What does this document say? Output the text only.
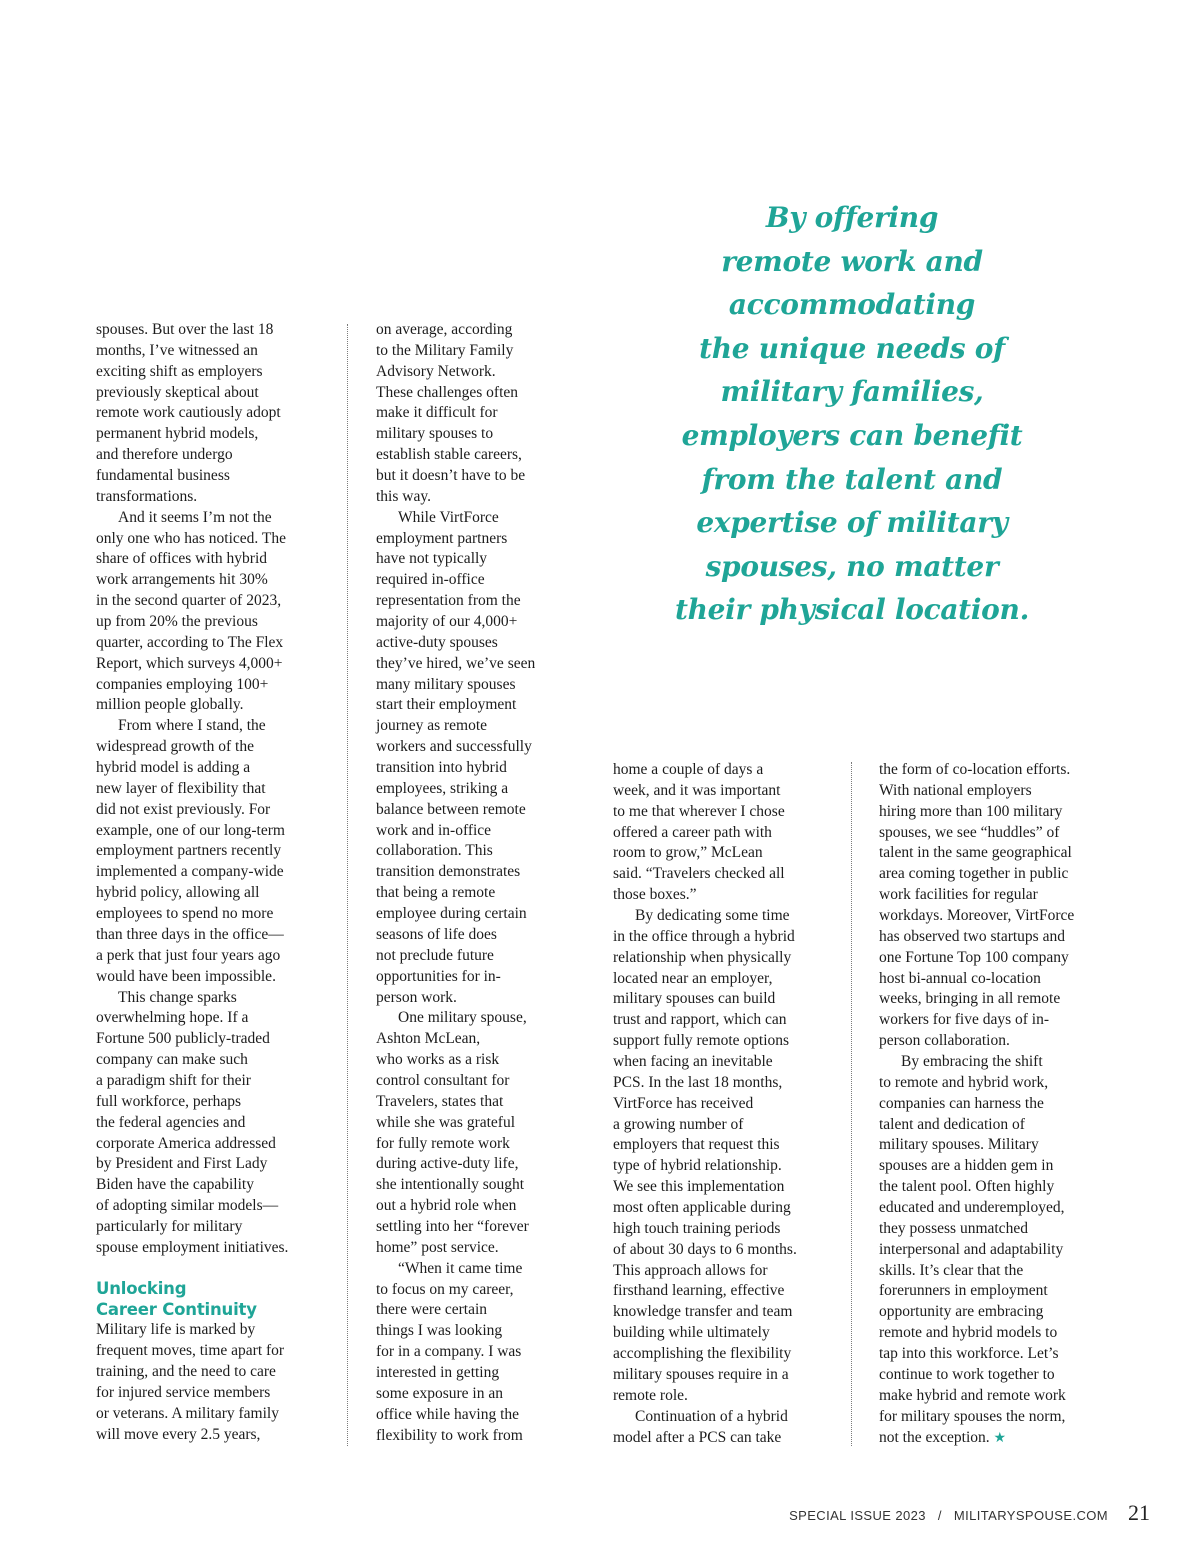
By offering
remote work and
accommodating
the unique needs of
military families,
employers can benefit
from the talent and
expertise of military
spouses, no matter
their physical location.
spouses. But over the last 18
months, I’ve witnessed an
exciting shift as employers
previously skeptical about
remote work cautiously adopt
permanent hybrid models,
and therefore undergo
fundamental business
transformations.
And it seems I’m not the
only one who has noticed. The
share of offices with hybrid
work arrangements hit 30%
in the second quarter of 2023,
up from 20% the previous
quarter, according to The Flex
Report, which surveys 4,000+
companies employing 100+
million people globally.
From where I stand, the
widespread growth of the
hybrid model is adding a
new layer of flexibility that
did not exist previously. For
example, one of our long-term
employment partners recently
implemented a company-wide
hybrid policy, allowing all
employees to spend no more
than three days in the office—
a perk that just four years ago
would have been impossible.
This change sparks
overwhelming hope. If a
Fortune 500 publicly-traded
company can make such
a paradigm shift for their
full workforce, perhaps
the federal agencies and
corporate America addressed
by President and First Lady
Biden have the capability
of adopting similar models—
particularly for military
spouse employment initiatives.
Unlocking
Career Continuity
Military life is marked by
frequent moves, time apart for
training, and the need to care
for injured service members
or veterans. A military family
will move every 2.5 years,
on average, according
to the Military Family
Advisory Network.
These challenges often
make it difficult for
military spouses to
establish stable careers,
but it doesn’t have to be
this way.
While VirtForce
employment partners
have not typically
required in-office
representation from the
majority of our 4,000+
active-duty spouses
they’ve hired, we’ve seen
many military spouses
start their employment
journey as remote
workers and successfully
transition into hybrid
employees, striking a
balance between remote
work and in-office
collaboration. This
transition demonstrates
that being a remote
employee during certain
seasons of life does
not preclude future
opportunities for in-
person work.
One military spouse,
Ashton McLean,
who works as a risk
control consultant for
Travelers, states that
while she was grateful
for fully remote work
during active-duty life,
she intentionally sought
out a hybrid role when
settling into her “forever
home” post service.
“When it came time
to focus on my career,
there were certain
things I was looking
for in a company. I was
interested in getting
some exposure in an
office while having the
flexibility to work from
home a couple of days a
week, and it was important
to me that wherever I chose
offered a career path with
room to grow,” McLean
said. “Travelers checked all
those boxes.”
By dedicating some time
in the office through a hybrid
relationship when physically
located near an employer,
military spouses can build
trust and rapport, which can
support fully remote options
when facing an inevitable
PCS. In the last 18 months,
VirtForce has received
a growing number of
employers that request this
type of hybrid relationship.
We see this implementation
most often applicable during
high touch training periods
of about 30 days to 6 months.
This approach allows for
firsthand learning, effective
knowledge transfer and team
building while ultimately
accomplishing the flexibility
military spouses require in a
remote role.
Continuation of a hybrid
model after a PCS can take
the form of co-location efforts.
With national employers
hiring more than 100 military
spouses, we see “huddles” of
talent in the same geographical
area coming together in public
work facilities for regular
workdays. Moreover, VirtForce
has observed two startups and
one Fortune Top 100 company
host bi-annual co-location
weeks, bringing in all remote
workers for five days of in-
person collaboration.
By embracing the shift
to remote and hybrid work,
companies can harness the
talent and dedication of
military spouses. Military
spouses are a hidden gem in
the talent pool. Often highly
educated and underemployed,
they possess unmatched
interpersonal and adaptability
skills. It’s clear that the
forerunners in employment
opportunity are embracing
remote and hybrid models to
tap into this workforce. Let’s
continue to work together to
make hybrid and remote work
for military spouses the norm,
not the exception. ★
SPECIAL ISSUE 2023 / MILITARYSPOUSE.COM 21
